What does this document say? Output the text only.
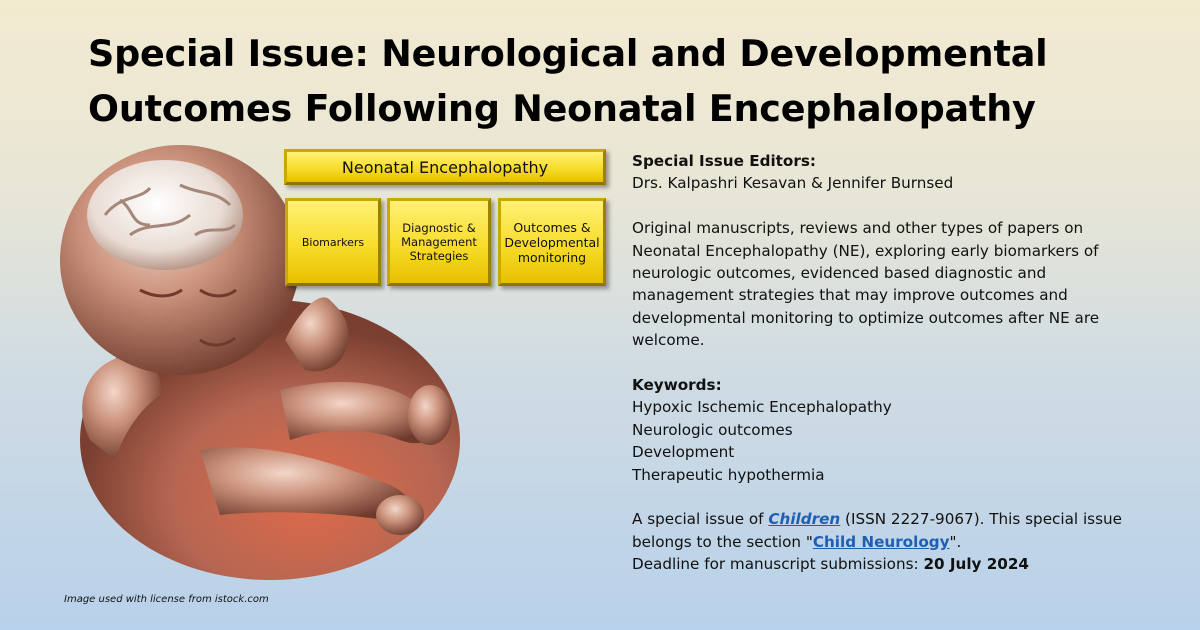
Special Issue: Neurological and Developmental
Outcomes Following Neonatal Encephalopathy
Neonatal Encephalopathy
Biomarkers
Diagnostic &
Management
Strategies
Outcomes &
Developmental
monitoring
Image used with license from istock.com

Special Issue Editors:

Drs. Kalpashri Kesavan & Jennifer Burnsed

Original manuscripts, reviews and other types of papers on

Neonatal Encephalopathy (NE), exploring early biomarkers of

neurologic outcomes, evidenced based diagnostic and

management strategies that may improve outcomes and

developmental monitoring to optimize outcomes after NE are

welcome.

Keywords:

Hypoxic Ischemic Encephalopathy

Neurologic outcomes

Development

Therapeutic hypothermia

A special issue of Children (ISSN 2227-9067). This special issue

belongs to the section "Child Neurology".

Deadline for manuscript submissions: 20 July 2024
